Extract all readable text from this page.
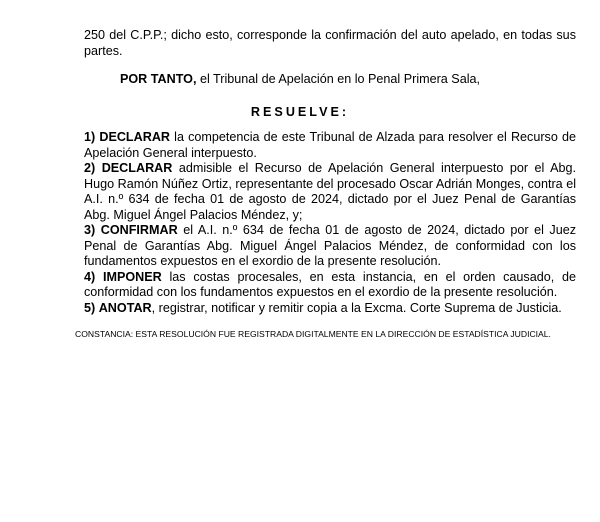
250 del C.P.P.; dicho esto, corresponde la confirmación del auto apelado, en todas sus partes.
POR TANTO, el Tribunal de Apelación en lo Penal Primera Sala,
RESUELVE:

1) DECLARAR la competencia de este Tribunal de Alzada para resolver el Recurso de Apelación General interpuesto.

2) DECLARAR admisible el Recurso de Apelación General interpuesto por el Abg. Hugo Ramón Núñez Ortiz, representante del procesado Oscar Adrián Monges, contra el A.I. n.º 634 de fecha 01 de agosto de 2024, dictado por el Juez Penal de Garantías Abg. Miguel Ángel Palacios Méndez, y;

3) CONFIRMAR el A.I. n.º 634 de fecha 01 de agosto de 2024, dictado por el Juez Penal de Garantías Abg. Miguel Ángel Palacios Méndez, de conformidad con los fundamentos expuestos en el exordio de la presente resolución.

4) IMPONER las costas procesales, en esta instancia, en el orden causado, de conformidad con los fundamentos expuestos en el exordio de la presente resolución.

5) ANOTAR, registrar, notificar y remitir copia a la Excma. Corte Suprema de Justicia.

CONSTANCIA: ESTA RESOLUCIÓN FUE REGISTRADA DIGITALMENTE EN LA DIRECCIÓN DE ESTADÍSTICA JUDICIAL.
